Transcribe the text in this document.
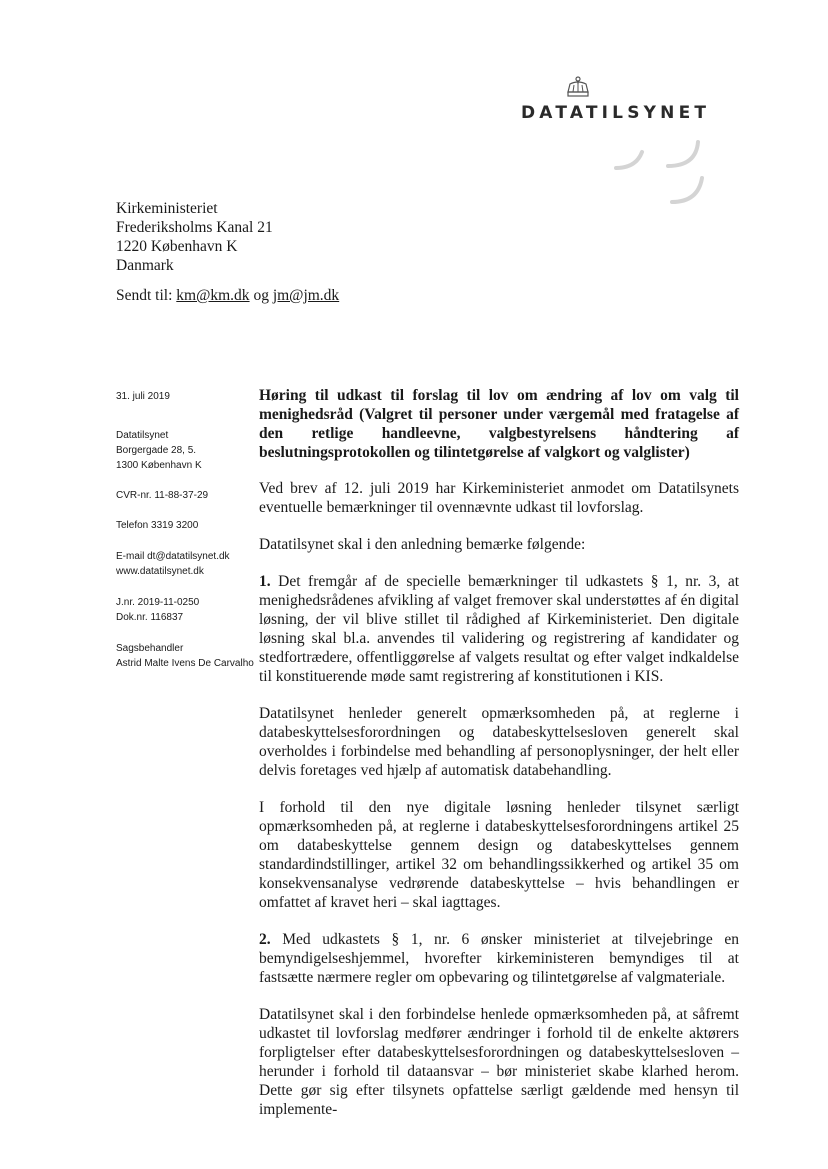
DATATILSYNET
Kirkeministeriet
Frederiksholms Kanal 21
1220 København K
Danmark
Sendt til: km@km.dk og jm@jm.dk
31. juli 2019
Datatilsynet
Borgergade 28, 5.
1300 København K
CVR-nr. 11-88-37-29
Telefon 3319 3200
E-mail dt@datatilsynet.dk
www.datatilsynet.dk
J.nr. 2019-11-0250
Dok.nr. 116837
Sagsbehandler
Astrid Malte Ivens De Carvalho

Høring til udkast til forslag til lov om ændring af lov om valg til menighedsråd (Valgret til personer under værgemål med fratagelse af den retlige handleevne, valgbestyrelsens håndtering af beslutningsprotokollen og tilintetgørelse af valgkort og valglister)

Ved brev af 12. juli 2019 har Kirkeministeriet anmodet om Datatilsynets eventuelle bemærkninger til ovennævnte udkast til lovforslag.

Datatilsynet skal i den anledning bemærke følgende:

1. Det fremgår af de specielle bemærkninger til udkastets § 1, nr. 3, at menighedsrådenes afvikling af valget fremover skal understøttes af én digital løsning, der vil blive stillet til rådighed af Kirkeministeriet. Den digitale løsning skal bl.a. anvendes til validering og registrering af kandidater og stedfortrædere, offentliggørelse af valgets resultat og efter valget indkaldelse til konstituerende møde samt registrering af konstitutionen i KIS.

Datatilsynet henleder generelt opmærksomheden på, at reglerne i databeskyttelsesforordningen og databeskyttelsesloven generelt skal overholdes i forbindelse med behandling af personoplysninger, der helt eller delvis foretages ved hjælp af automatisk databehandling.

I forhold til den nye digitale løsning henleder tilsynet særligt opmærksomheden på, at reglerne i databeskyttelsesforordningens artikel 25 om databeskyttelse gennem design og databeskyttelses gennem standardindstillinger, artikel 32 om behandlingssikkerhed og artikel 35 om konsekvensanalyse vedrørende databeskyttelse – hvis behandlingen er omfattet af kravet heri – skal iagttages.

2. Med udkastets § 1, nr. 6 ønsker ministeriet at tilvejebringe en bemyndigelseshjemmel, hvorefter kirkeministeren bemyndiges til at fastsætte nærmere regler om opbevaring og tilintetgørelse af valgmateriale.

Datatilsynet skal i den forbindelse henlede opmærksomheden på, at såfremt udkastet til lovforslag medfører ændringer i forhold til de enkelte aktørers forpligtelser efter databeskyttelsesforordningen og databeskyttelsesloven – herunder i forhold til dataansvar – bør ministeriet skabe klarhed herom. Dette gør sig efter tilsynets opfattelse særligt gældende med hensyn til implemente-
